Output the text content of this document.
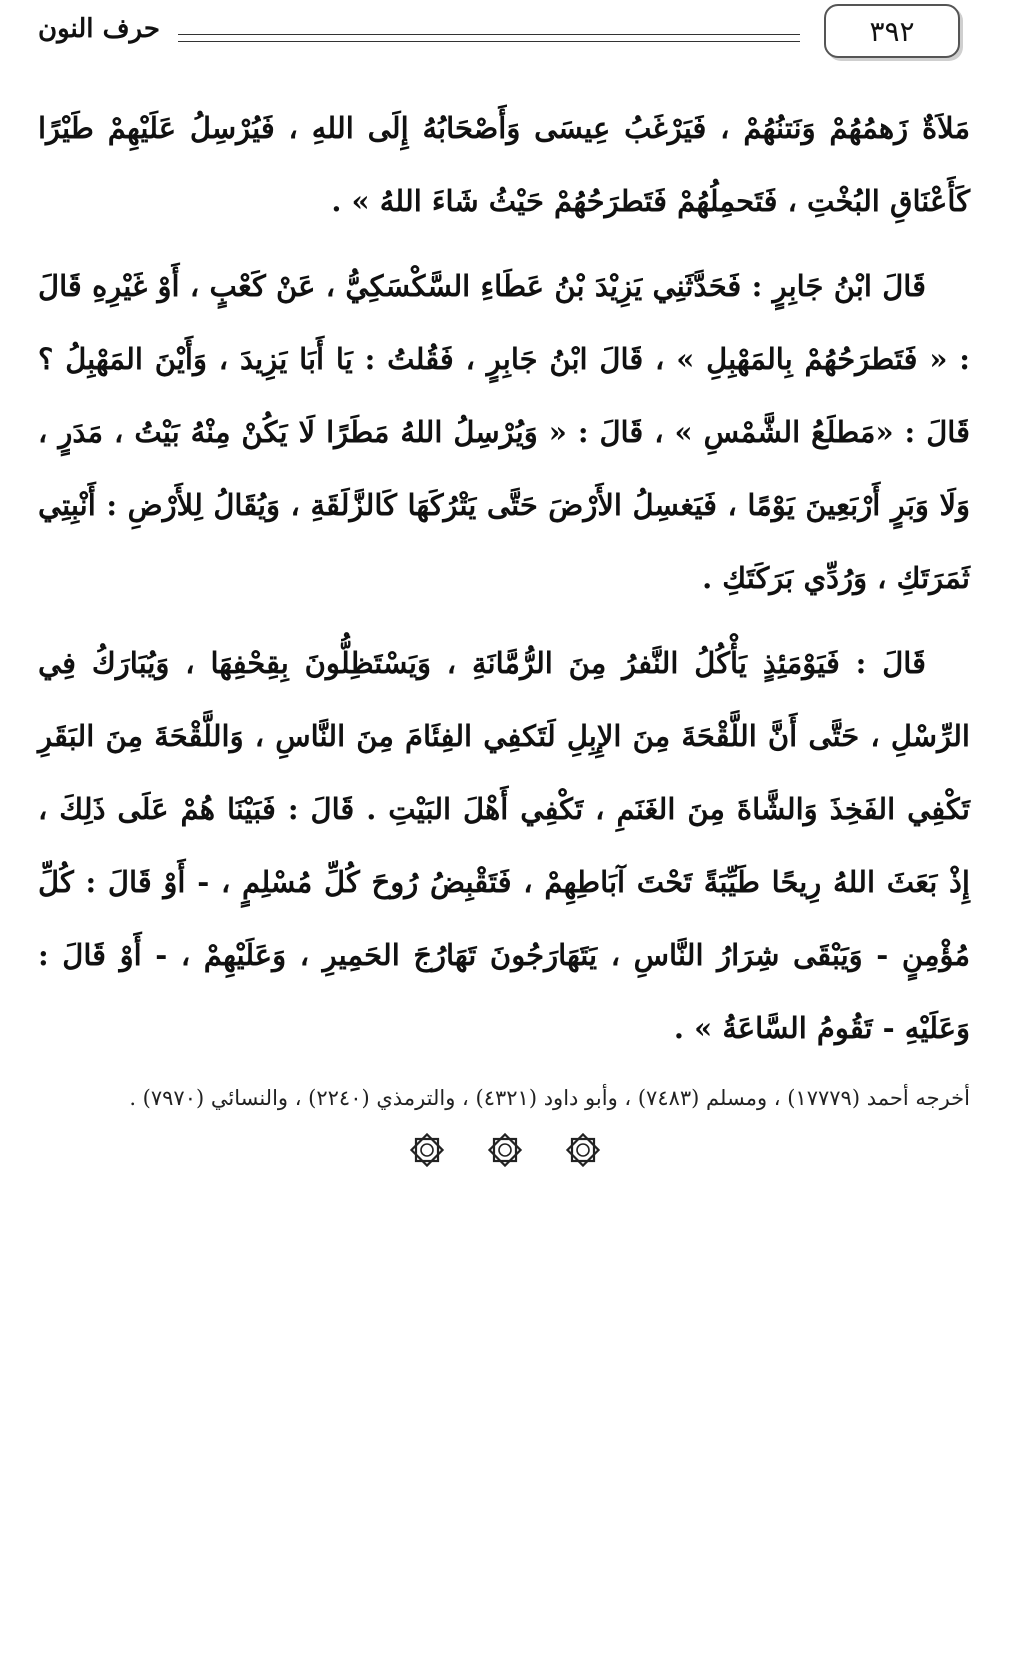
٣٩٢
حرف النون

مَلاَةٌ زَهمُهُمْ وَنَتنُهُمْ ، فَيَرْغَبُ عِيسَى وَأَصْحَابُهُ إِلَى اللهِ ، فَيُرْسِلُ عَلَيْهِمْ طَيْرًا كَأَعْنَاقِ البُخْتِ ، فَتَحمِلُهُمْ فَتَطرَحُهُمْ حَيْثُ شَاءَ اللهُ » .

قَالَ ابْنُ جَابِرٍ : فَحَدَّثَنِي يَزِيْدَ بْنُ عَطَاءِ السَّكْسَكِيُّ ، عَنْ كَعْبٍ ، أَوْ غَيْرِهِ قَالَ : « فَتَطرَحُهُمْ بِالمَهْبِلِ » ، قَالَ ابْنُ جَابِرٍ ، فَقُلتُ : يَا أَبَا يَزِيدَ ، وَأَيْنَ المَهْبِلُ ؟ قَالَ : «مَطلَعُ الشَّمْسِ » ، قَالَ : « وَيُرْسِلُ اللهُ مَطَرًا لَا يَكُنْ مِنْهُ بَيْتُ ، مَدَرٍ ، وَلَا وَبَرٍ أَرْبَعِينَ يَوْمًا ، فَيَغسِلُ الأَرْضَ حَتَّى يَتْرُكَهَا كَالزَّلَقَةِ ، وَيُقَالُ لِلأَرْضِ : أَنْبِتِي ثَمَرَتَكِ ، وَرُدِّي بَرَكَتَكِ .

قَالَ : فَيَوْمَئِذٍ يَأْكُلُ النَّفرُ مِنَ الرُّمَّانَةِ ، وَيَسْتَظِلُّونَ بِقِحْفِهَا ، وَيُبَارَكُ فِي الرِّسْلِ ، حَتَّى أَنَّ اللَّقْحَةَ مِنَ الإِبِلِ لَتَكفِي الفِئَامَ مِنَ النَّاسِ ، وَاللَّقْحَةَ مِنَ البَقَرِ تَكْفِي الفَخِذَ وَالشَّاةَ مِنَ الغَنَمِ ، تَكْفِي أَهْلَ البَيْتِ . قَالَ : فَبَيْنَا هُمْ عَلَى ذَلِكَ ، إِذْ بَعَثَ اللهُ رِيحًا طَيِّبَةً تَحْتَ آبَاطِهِمْ ، فَتَقْبِضُ رُوحَ كُلِّ مُسْلِمٍ ، - أَوْ قَالَ : كُلِّ مُؤْمِنٍ - وَيَبْقَى شِرَارُ النَّاسِ ، يَتَهَارَجُونَ تَهَارُجَ الحَمِيرِ ، وَعَلَيْهِمْ ، - أَوْ قَالَ : وَعَلَيْهِ - تَقُومُ السَّاعَةُ » .

أخرجه أحمد (١٧٧٧٩) ، ومسلم (٧٤٨٣) ، وأبو داود (٤٣٢١) ، والترمذي (٢٢٤٠) ، والنسائي (٧٩٧٠) .
